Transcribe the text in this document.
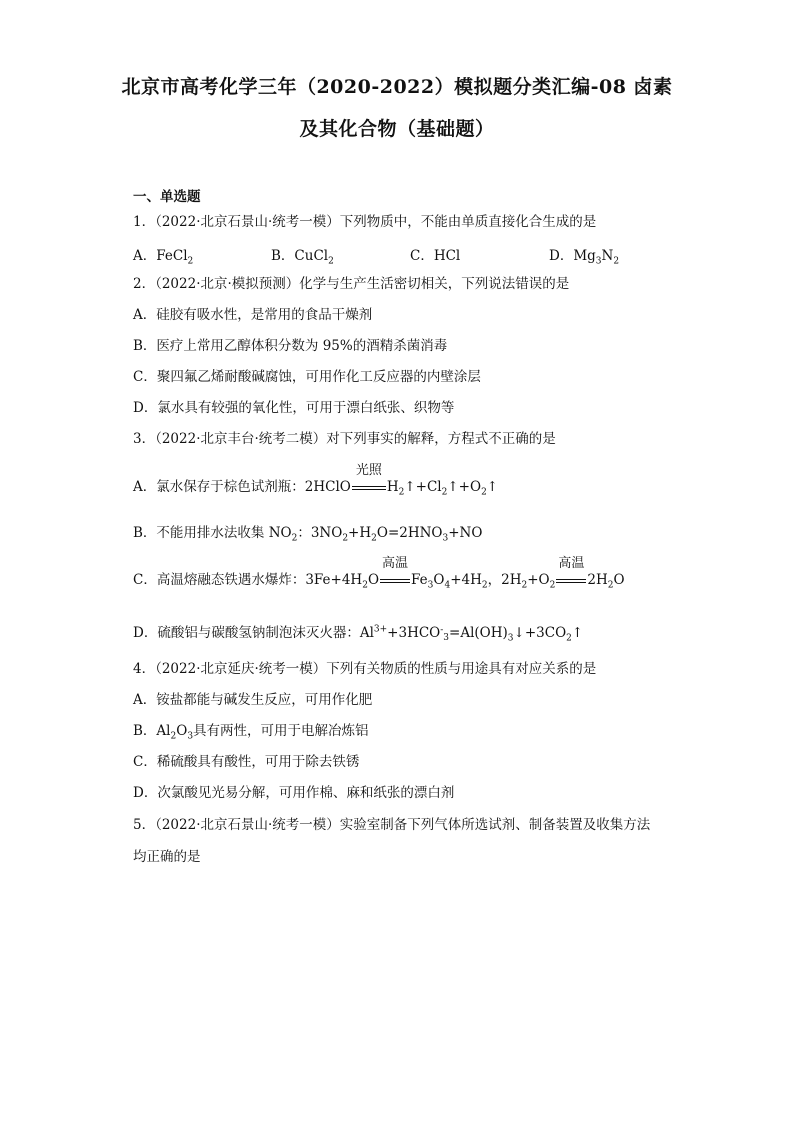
北京市高考化学三年（2020-2022）模拟题分类汇编-08 卤素
及其化合物（基础题）
一、单选题
1．（2022·北京石景山·统考一模）下列物质中，不能由单质直接化合生成的是
A．FeCl$_2$	B．CuCl$_2$	C．HCl	D．$Mg_3N_2$
2．（2022·北京·模拟预测）化学与生产生活密切相关，下列说法错误的是
A．硅胶有吸水性，是常用的食品干燥剂
B．医疗上常用乙醇体积分数为 95%的酒精杀菌消毒
C．聚四氟乙烯耐酸碱腐蚀，可用作化工反应器的内壁涂层
D．氯水具有较强的氧化性，可用于漂白纸张、织物等
3．（2022·北京丰台·统考二模）对下列事实的解释，方程式不正确的是
A．氯水保存于棕色试剂瓶：2HClO
光照
$H_2↑+Cl_2↑+O_2↑$
B．不能用排水法收集 $NO_2$：$3NO_2+H_2O=2HNO_3+NO$
C．高温熔融态铁遇水爆炸：$3Fe+4H_2O$
高温
$Fe_3O_4+4H_2$，$2H_2+O_2$
高温
$2H_2O$
D．硫酸铝与碳酸氢钠制泡沫灭火器：$Al^{3+}+3HCO^-_3=Al(OH)_3↓+3CO_2↑$
4．（2022·北京延庆·统考一模）下列有关物质的性质与用途具有对应关系的是
A．铵盐都能与碱发生反应，可用作化肥
B．$Al_2O_3$具有两性，可用于电解冶炼铝
C．稀硫酸具有酸性，可用于除去铁锈
D．次氯酸见光易分解，可用作棉、麻和纸张的漂白剂
5．（2022·北京石景山·统考一模）实验室制备下列气体所选试剂、制备装置及收集方法
均正确的是
